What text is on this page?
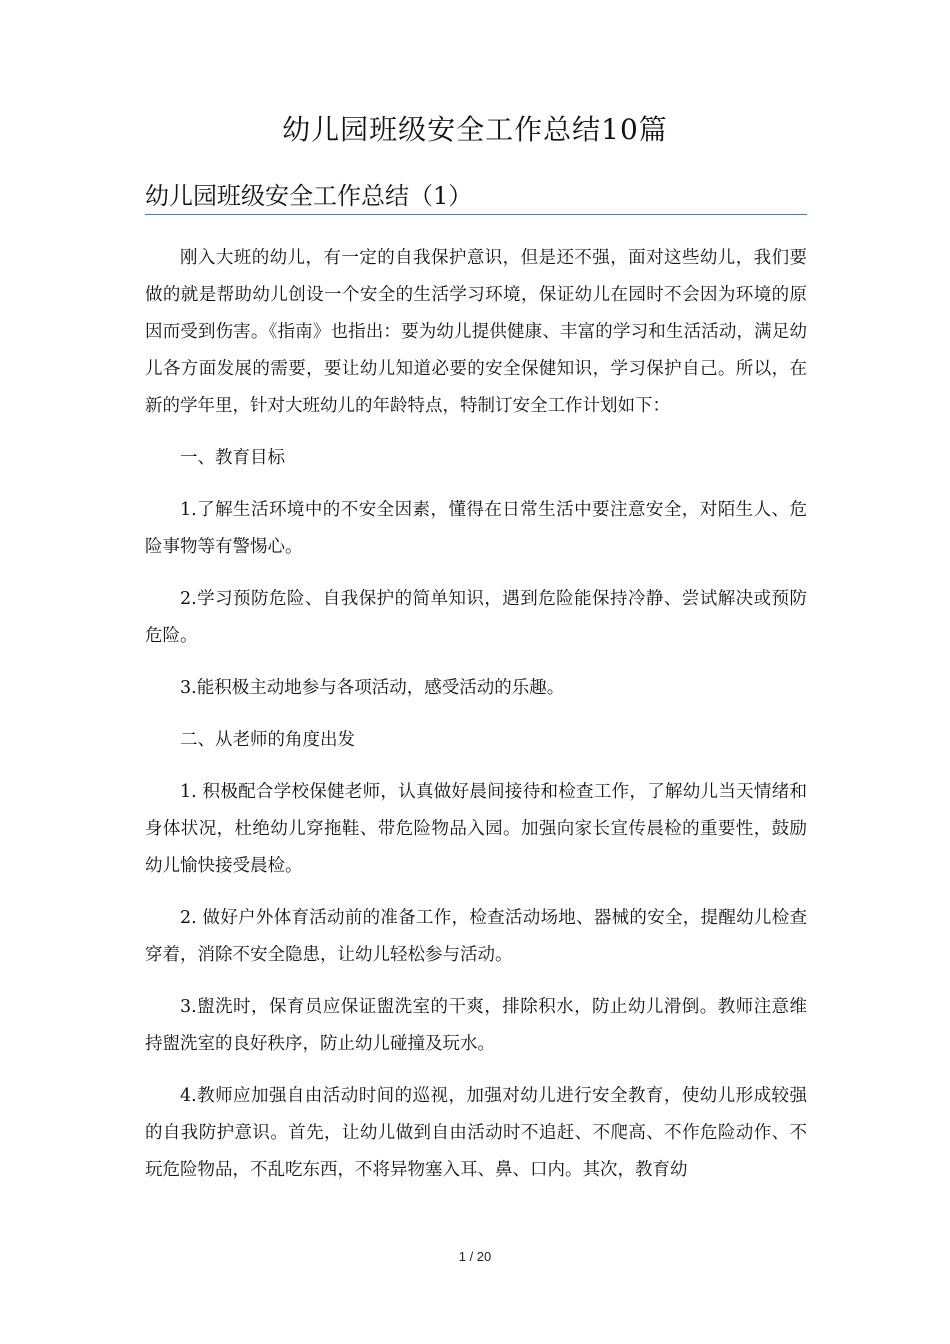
幼儿园班级安全工作总结10篇
幼儿园班级安全工作总结（1）

刚入大班的幼儿，有一定的自我保护意识，但是还不强，面对这些幼儿，我们要做的就是帮助幼儿创设一个安全的生活学习环境，保证幼儿在园时不会因为环境的原因而受到伤害。《指南》也指出：要为幼儿提供健康、丰富的学习和生活活动，满足幼儿各方面发展的需要，要让幼儿知道必要的安全保健知识，学习保护自己。所以，在新的学年里，针对大班幼儿的年龄特点，特制订安全工作计划如下：

一、教育目标

1.了解生活环境中的不安全因素，懂得在日常生活中要注意安全，对陌生人、危险事物等有警惕心。

2.学习预防危险、自我保护的简单知识，遇到危险能保持冷静、尝试解决或预防危险。

3.能积极主动地参与各项活动，感受活动的乐趣。

二、从老师的角度出发

1. 积极配合学校保健老师，认真做好晨间接待和检查工作，了解幼儿当天情绪和身体状况，杜绝幼儿穿拖鞋、带危险物品入园。加强向家长宣传晨检的重要性，鼓励幼儿愉快接受晨检。

2. 做好户外体育活动前的准备工作，检查活动场地、器械的安全，提醒幼儿检查穿着，消除不安全隐患，让幼儿轻松参与活动。

3.盥洗时，保育员应保证盥洗室的干爽，排除积水，防止幼儿滑倒。教师注意维持盥洗室的良好秩序，防止幼儿碰撞及玩水。

4.教师应加强自由活动时间的巡视，加强对幼儿进行安全教育，使幼儿形成较强的自我防护意识。首先，让幼儿做到自由活动时不追赶、不爬高、不作危险动作、不玩危险物品，不乱吃东西，不将异物塞入耳、鼻、口内。其次，教育幼

1 / 20
